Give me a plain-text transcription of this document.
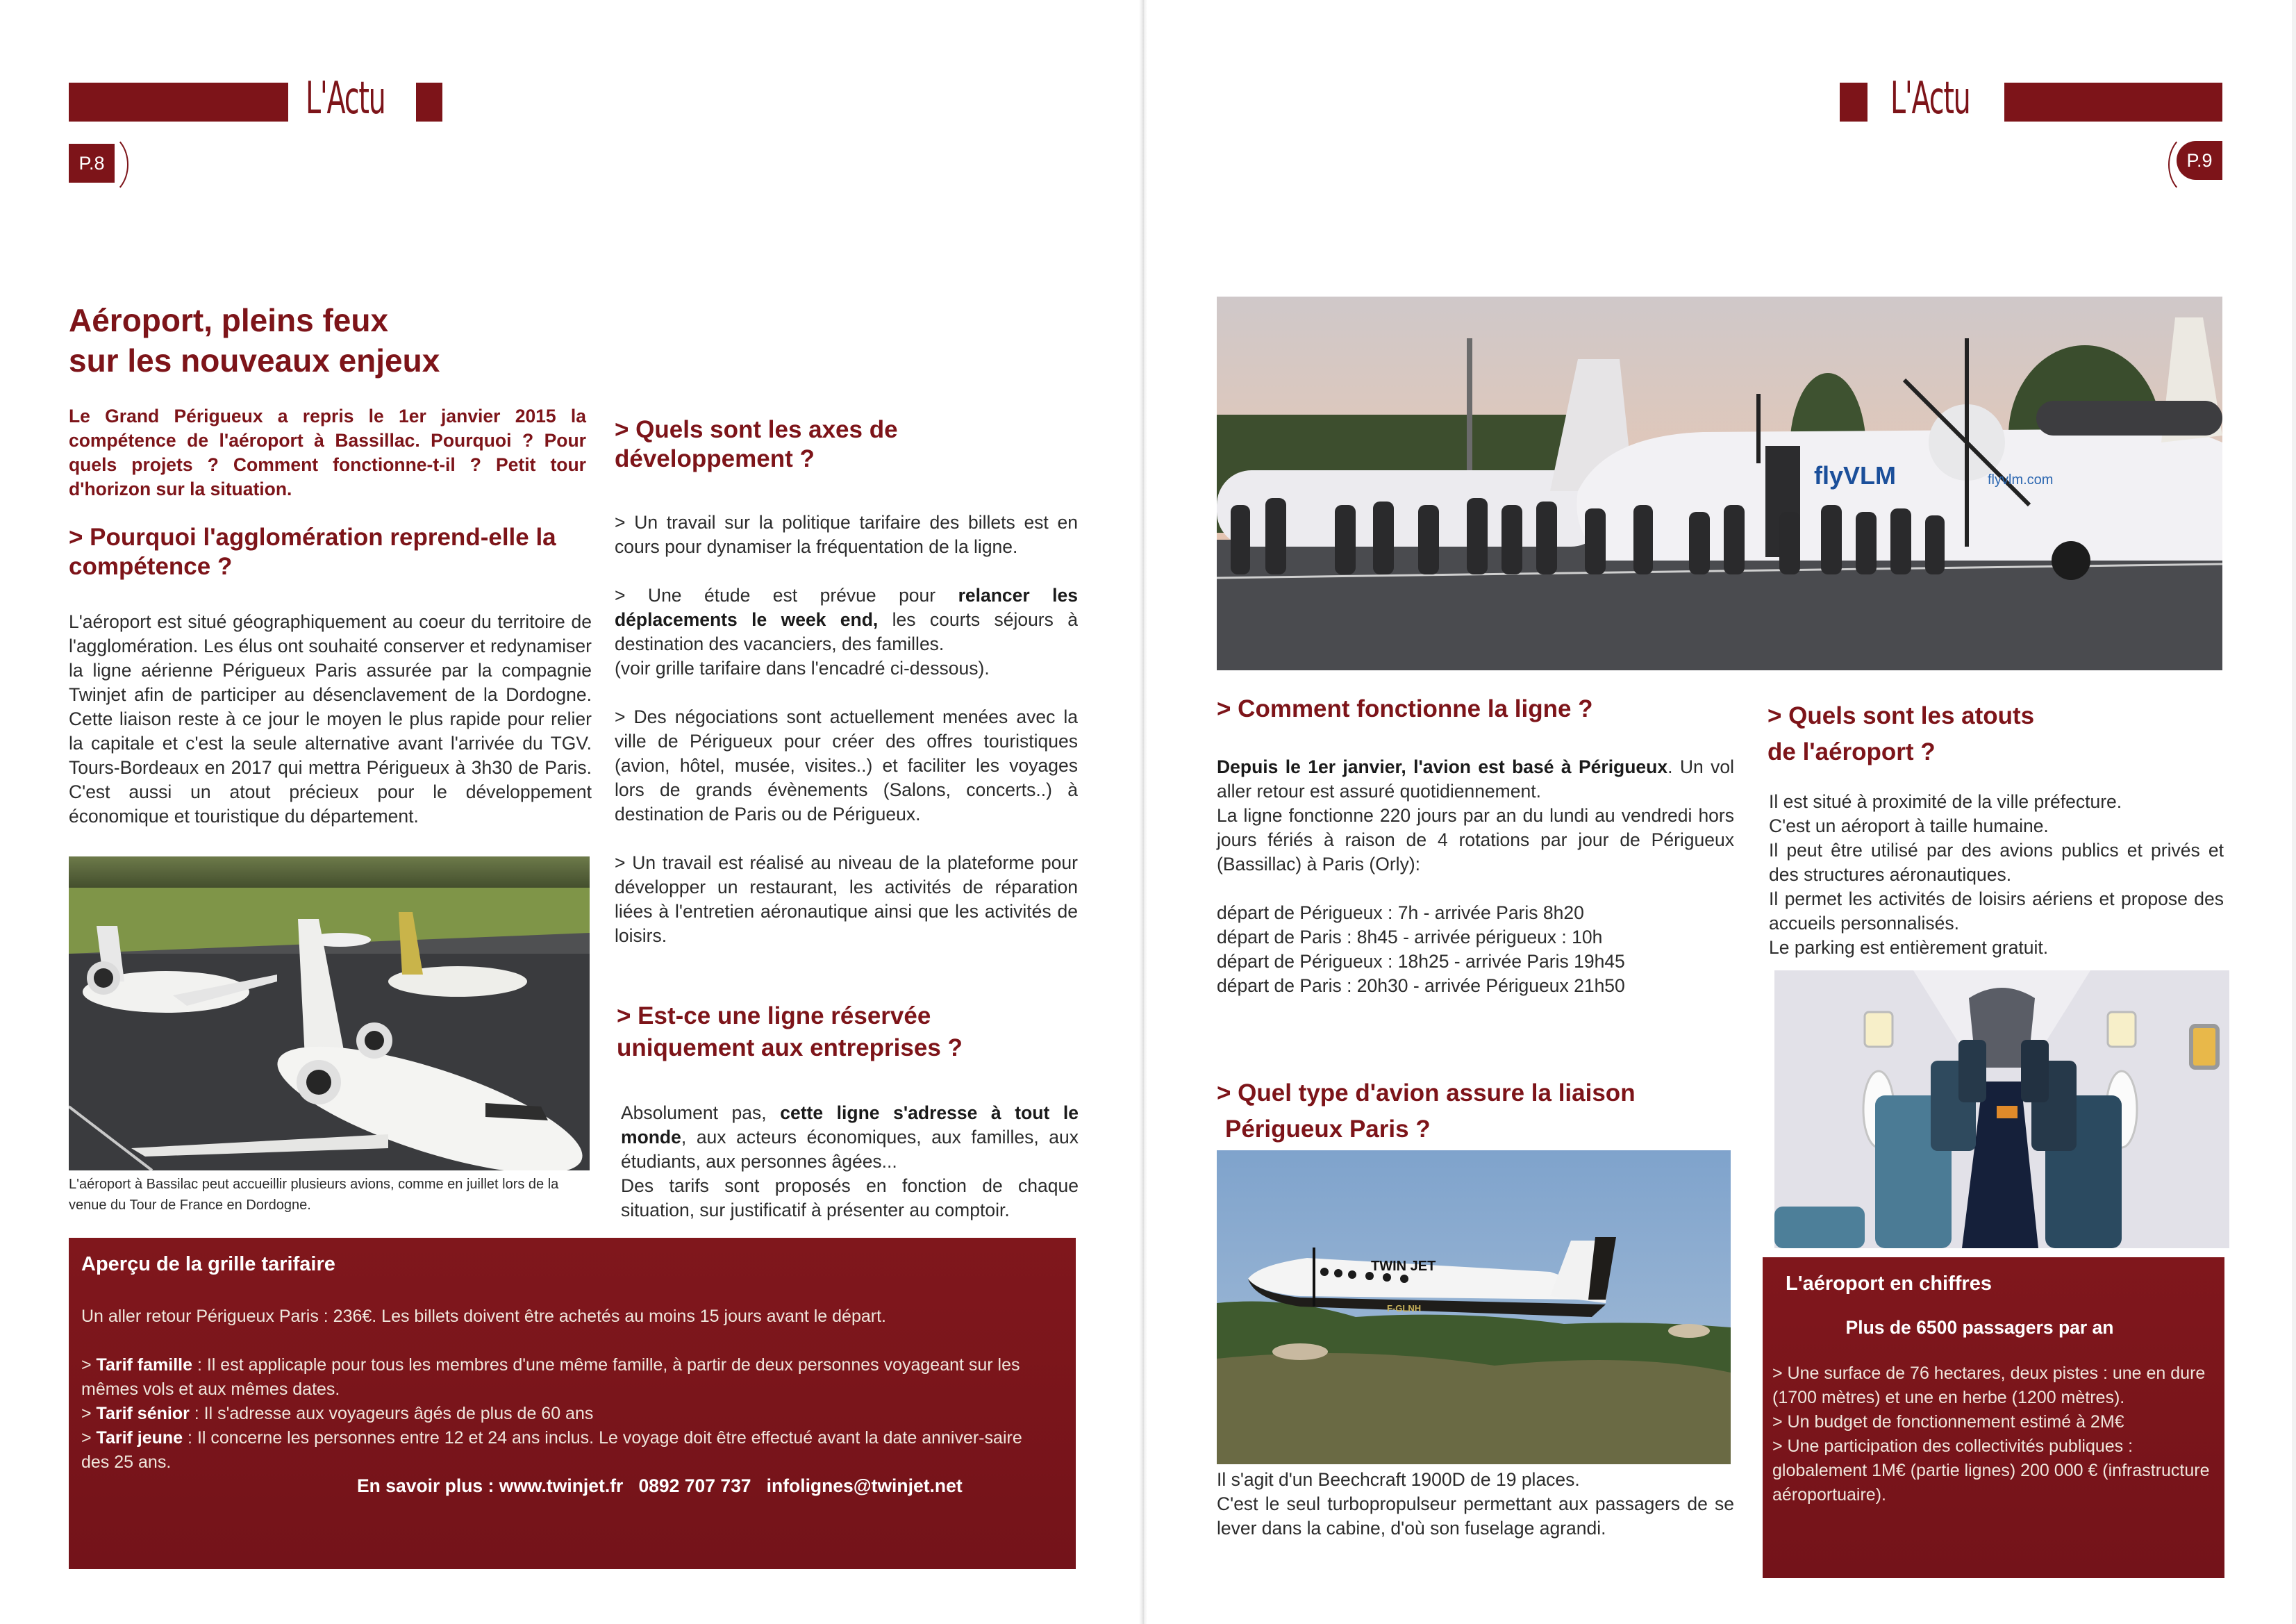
L'Actu
P.8
Aéroport, pleins feux
sur les nouveaux enjeux
Le Grand Périgueux a repris le 1er janvier 2015 la compétence de l'aéroport à Bassillac. Pourquoi ? Pour quels projets ? Comment fonctionne-t-il ? Petit tour d'horizon sur la situation.
> Pourquoi l'agglomération reprend-elle la compétence ?
L'aéroport est situé géographiquement au coeur du territoire de l'agglomération. Les élus ont souhaité conserver et redynamiser la ligne aérienne Périgueux Paris assurée par la compagnie Twinjet afin de participer au désenclavement de la Dordogne. Cette liaison reste à ce jour le moyen le plus rapide pour relier la capitale et c'est la seule alternative avant l'arrivée du TGV. Tours-Bordeaux en 2017 qui mettra Périgueux à 3h30 de Paris. C'est aussi un atout précieux pour le développement économique et touristique du département.
L'aéroport à Bassilac peut accueillir plusieurs avions, comme en juillet lors de la venue du Tour de France en Dordogne.
> Quels sont les axes de développement ?
> Un travail sur la politique tarifaire des billets est en cours pour dynamiser la fréquentation de la ligne.
> Une étude est prévue pour relancer les déplacements le week end, les courts séjours à destination des vacanciers, des familles.
(voir grille tarifaire dans l'encadré ci-dessous).
> Des négociations sont actuellement menées avec la ville de Périgueux pour créer des offres touristiques (avion, hôtel, musée, visites..) et faciliter les voyages lors de grands évènements (Salons, concerts..) à destination de Paris ou de Périgueux.
> Un travail est réalisé au niveau de la plateforme pour développer un restaurant, les activités de réparation liées à l'entretien aéronautique ainsi que les activités de loisirs.
> Est-ce une ligne réservée uniquement aux entreprises ?
Absolument pas, cette ligne s'adresse à tout le monde, aux acteurs économiques, aux familles, aux étudiants, aux personnes âgées...
Des tarifs sont proposés en fonction de chaque situation, sur justificatif à présenter au comptoir.
Aperçu de la grille tarifaire
Un aller retour Périgueux Paris : 236€. Les billets doivent être achetés au moins 15 jours avant le départ.
> Tarif famille : Il est applicaple pour tous les membres d'une même famille, à partir de deux personnes voyageant sur les mêmes vols et aux mêmes dates.
> Tarif sénior : Il s'adresse aux voyageurs âgés de plus de 60 ans
> Tarif jeune : Il concerne les personnes entre 12 et 24 ans inclus. Le voyage doit être effectué avant la date anniver-saire des 25 ans.
En savoir plus : www.twinjet.fr 0892 707 737 infolignes@twinjet.net
L'Actu
P.9
flyVLM	flyvlm.com
> Comment fonctionne la ligne ?
Depuis le 1er janvier, l'avion est basé à Périgueux. Un vol aller retour est assuré quotidiennement.
La ligne fonctionne 220 jours par an du lundi au vendredi hors jours fériés à raison de 4 rotations par jour de Périgueux (Bassillac) à Paris (Orly):
départ de Périgueux : 7h - arrivée Paris 8h20
départ de Paris : 8h45 - arrivée périgueux : 10h
départ de Périgueux : 18h25 - arrivée Paris 19h45
départ de Paris : 20h30 - arrivée Périgueux 21h50
> Quel type d'avion assure la liaison
Périgueux Paris ?
TWIN JET
F-GLNH
Il s'agit d'un Beechcraft 1900D de 19 places.
C'est le seul turbopropulseur permettant aux passagers de se lever dans la cabine, d'où son fuselage agrandi.
> Quels sont les atouts
de l'aéroport ?
Il est situé à proximité de la ville préfecture.
C'est un aéroport à taille humaine.
Il peut être utilisé par des avions publics et privés et des structures aéronautiques.
Il permet les activités de loisirs aériens et propose des accueils personnalisés.
Le parking est entièrement gratuit.
L'aéroport en chiffres
Plus de 6500 passagers par an
> Une surface de 76 hectares, deux pistes : une en dure (1700 mètres) et une en herbe (1200 mètres).
> Un budget de fonctionnement estimé à 2M€
> Une participation des collectivités publiques : globalement 1M€ (partie lignes) 200 000 € (infrastructure aéroportuaire).
